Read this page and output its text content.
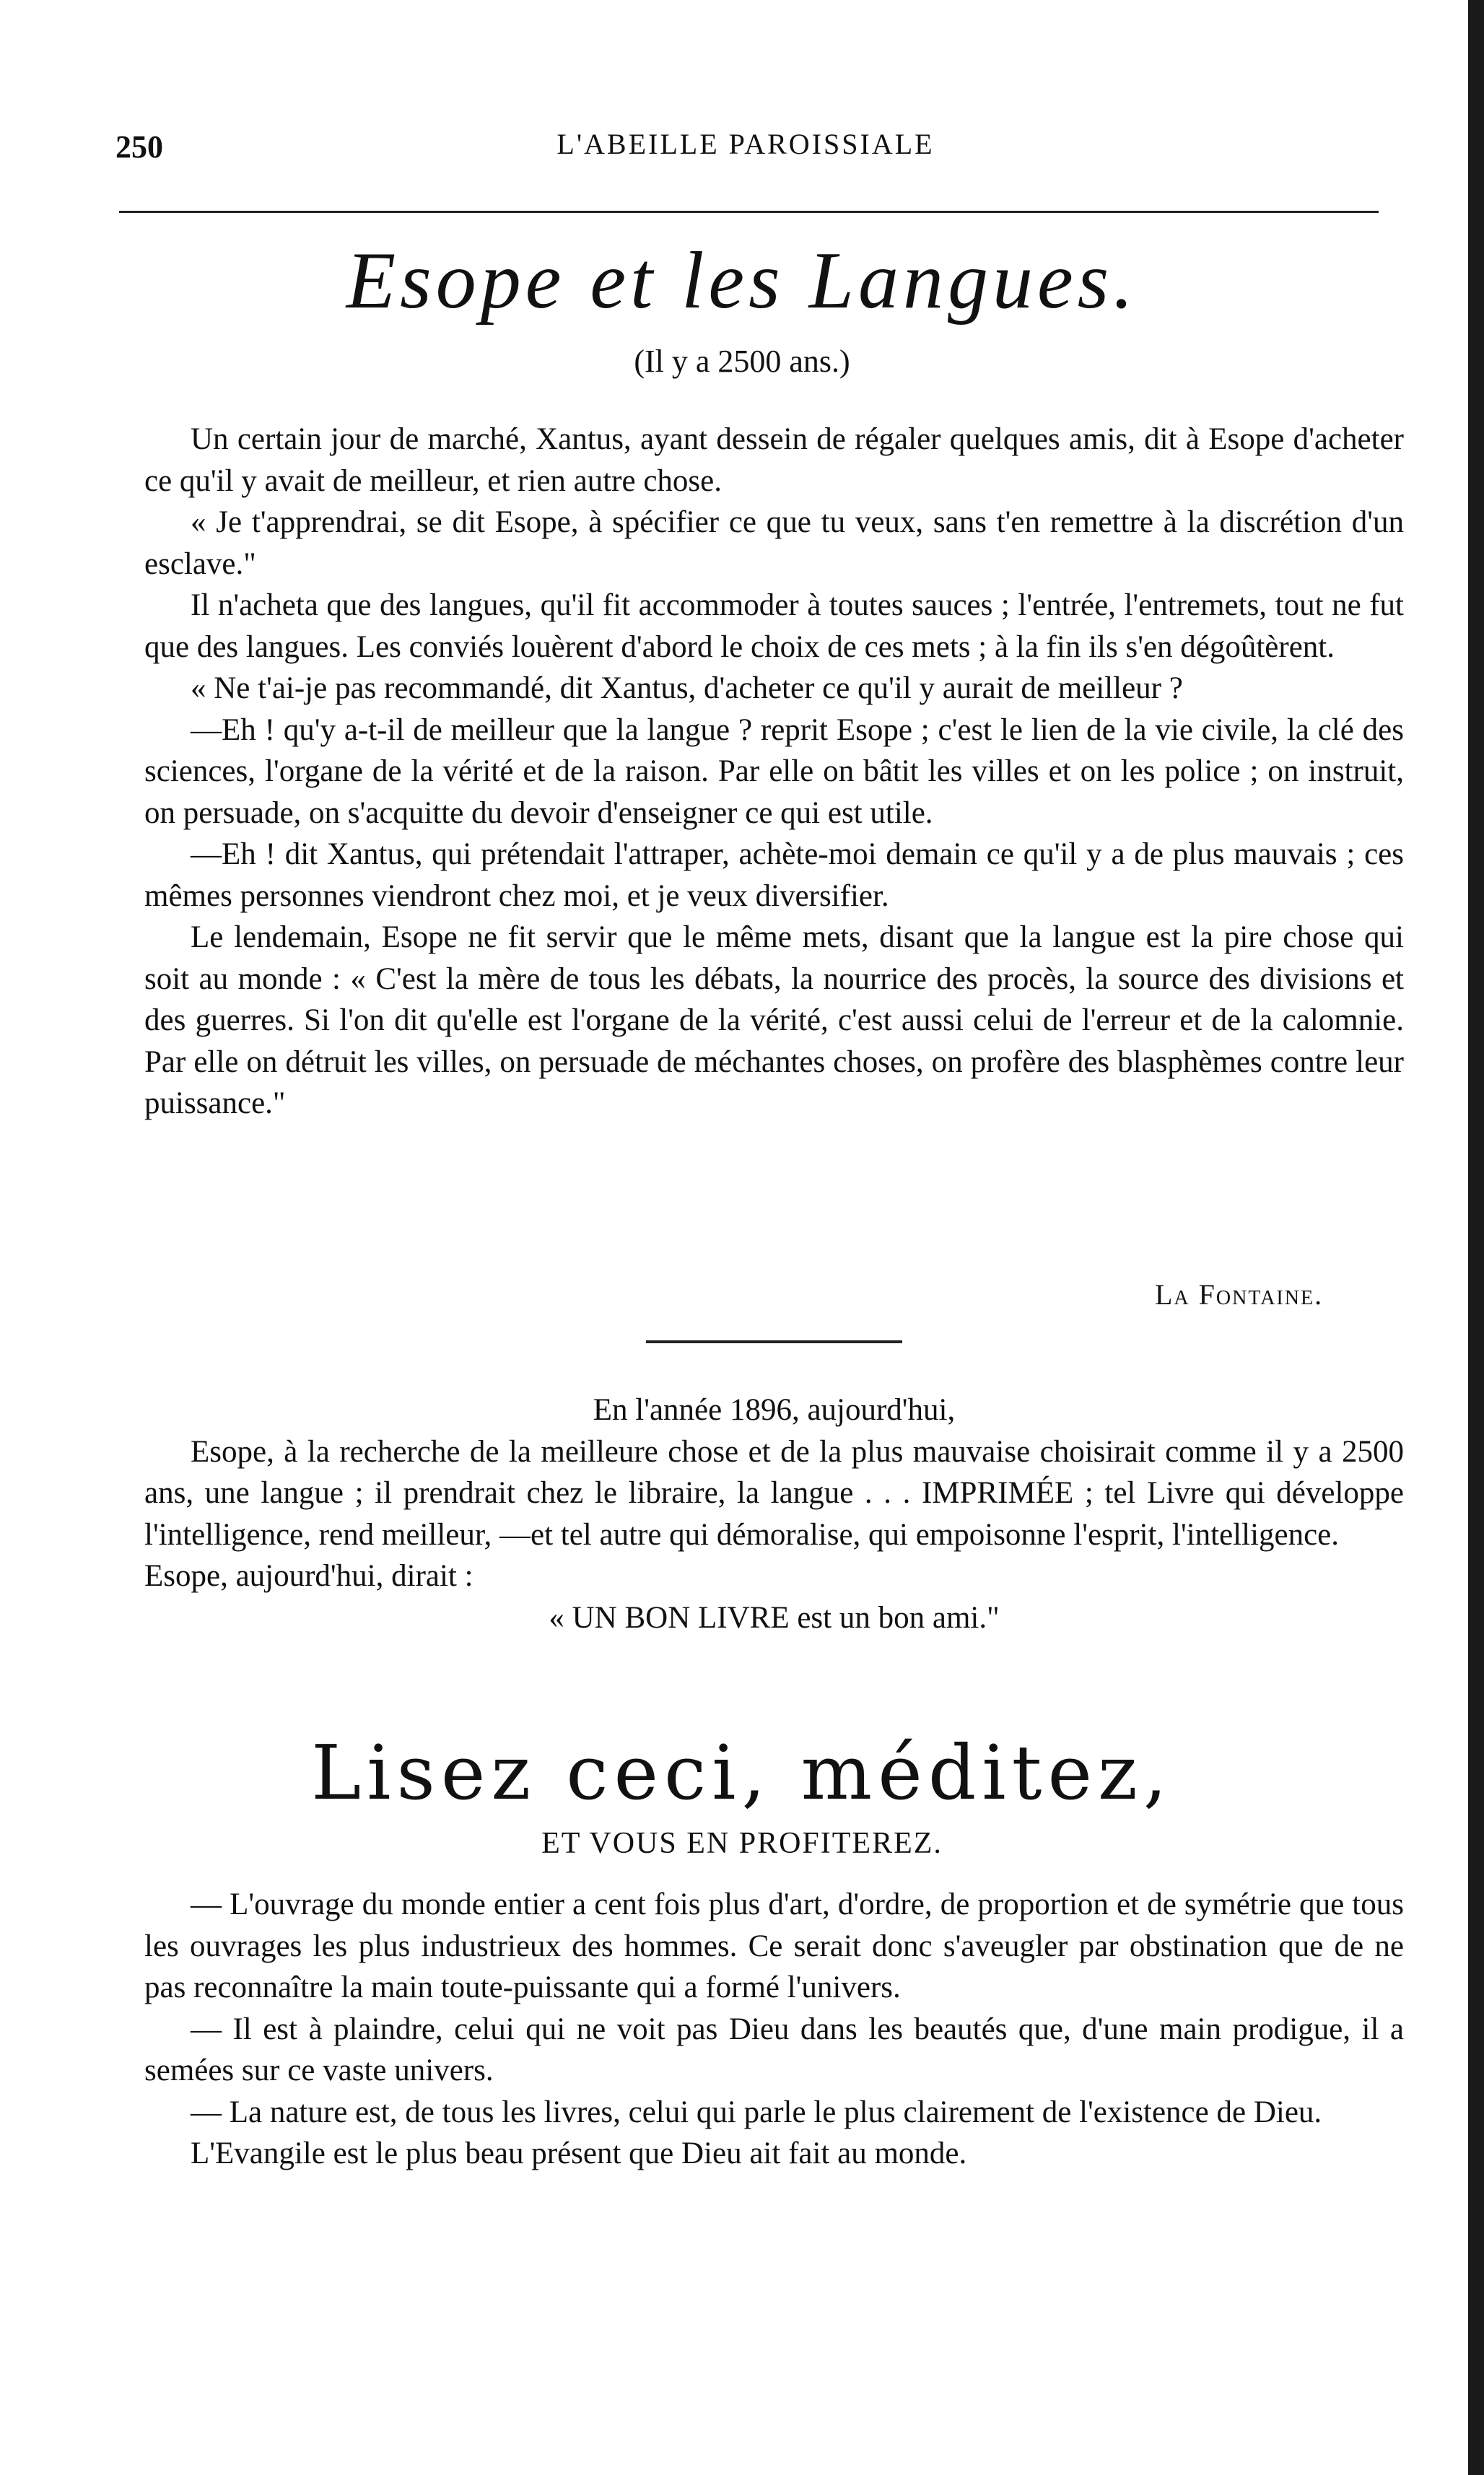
250	L'ABEILLE PAROISSIALE
Esope et les Langues.
(Il y a 2500 ans.)

Un certain jour de marché, Xantus, ayant dessein de régaler quelques amis, dit à Esope d'acheter ce qu'il y avait de meilleur, et rien autre chose.

« Je t'apprendrai, se dit Esope, à spécifier ce que tu veux, sans t'en remettre à la discrétion d'un esclave."

Il n'acheta que des langues, qu'il fit accommoder à toutes sauces ; l'entrée, l'entremets, tout ne fut que des langues. Les conviés louèrent d'abord le choix de ces mets ; à la fin ils s'en dégoûtèrent.

« Ne t'ai-je pas recommandé, dit Xantus, d'acheter ce qu'il y aurait de meilleur ?

—Eh ! qu'y a-t-il de meilleur que la langue ? reprit Esope ; c'est le lien de la vie civile, la clé des sciences, l'organe de la vérité et de la raison. Par elle on bâtit les villes et on les police ; on instruit, on persuade, on s'acquitte du devoir d'enseigner ce qui est utile.

—Eh ! dit Xantus, qui prétendait l'attraper, achète-moi demain ce qu'il y a de plus mauvais ; ces mêmes personnes viendront chez moi, et je veux diversifier.

Le lendemain, Esope ne fit servir que le même mets, disant que la langue est la pire chose qui soit au monde : « C'est la mère de tous les débats, la nourrice des procès, la source des divisions et des guerres. Si l'on dit qu'elle est l'organe de la vérité, c'est aussi celui de l'erreur et de la calomnie. Par elle on détruit les villes, on persuade de méchantes choses, on profère des blasphèmes contre leur puissance."

La Fontaine.

En l'année 1896, aujourd'hui,

Esope, à la recherche de la meilleure chose et de la plus mauvaise choisirait comme il y a 2500 ans, une langue ; il prendrait chez le libraire, la langue . . . IMPRIMÉE ; tel Livre qui développe l'intelligence, rend meilleur, —et tel autre qui démoralise, qui empoisonne l'esprit, l'intelligence.

Esope, aujourd'hui, dirait :

« UN BON LIVRE est un bon ami."

Lisez ceci, méditez,
ET VOUS EN PROFITEREZ.

— L'ouvrage du monde entier a cent fois plus d'art, d'ordre, de proportion et de symétrie que tous les ouvrages les plus industrieux des hommes. Ce serait donc s'aveugler par obstination que de ne pas reconnaître la main toute-puissante qui a formé l'univers.

— Il est à plaindre, celui qui ne voit pas Dieu dans les beautés que, d'une main prodigue, il a semées sur ce vaste univers.

— La nature est, de tous les livres, celui qui parle le plus clairement de l'existence de Dieu.

L'Evangile est le plus beau présent que Dieu ait fait au monde.
